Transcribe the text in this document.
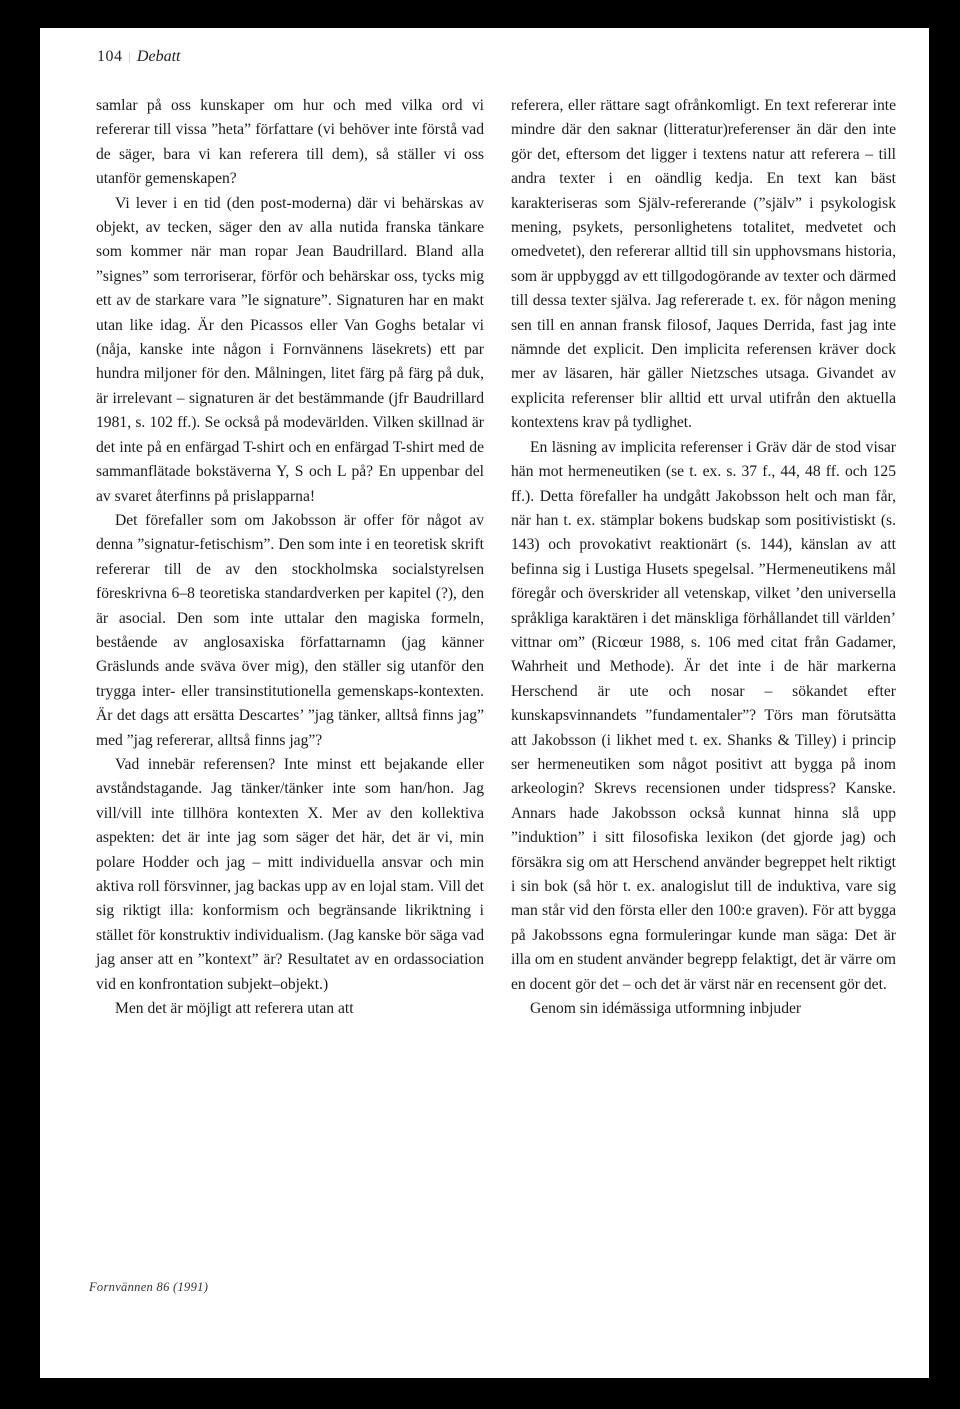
104 | Debatt

samlar på oss kunskaper om hur och med vilka ord vi refererar till vissa ”heta” författare (vi behöver inte förstå vad de säger, bara vi kan referera till dem), så ställer vi oss utanför gemenskapen?

Vi lever i en tid (den post-moderna) där vi behärskas av objekt, av tecken, säger den av alla nutida franska tänkare som kommer när man ropar Jean Baudrillard. Bland alla ”signes” som terroriserar, förför och behärskar oss, tycks mig ett av de starkare vara ”le signature”. Signaturen har en makt utan like idag. Är den Picassos eller Van Goghs betalar vi (nåja, kanske inte någon i Fornvännens läsekrets) ett par hundra miljoner för den. Målningen, litet färg på färg på duk, är irrelevant – signaturen är det bestämmande (jfr Baudrillard 1981, s. 102 ff.). Se också på modevärlden. Vilken skillnad är det inte på en enfärgad T-shirt och en enfärgad T-shirt med de sammanflätade bokstäverna Y, S och L på? En uppenbar del av svaret återfinns på prislapparna!

Det förefaller som om Jakobsson är offer för något av denna ”signatur-fetischism”. Den som inte i en teoretisk skrift refererar till de av den stockholmska socialstyrelsen föreskrivna 6–8 teoretiska standardverken per kapitel (?), den är asocial. Den som inte uttalar den magiska formeln, bestående av anglosaxiska författarnamn (jag känner Gräslunds ande sväva över mig), den ställer sig utanför den trygga inter- eller transinstitutionella gemenskaps-kontexten. Är det dags att ersätta Descartes’ ”jag tänker, alltså finns jag” med ”jag refererar, alltså finns jag”?

Vad innebär referensen? Inte minst ett bejakande eller avståndstagande. Jag tänker/tänker inte som han/hon. Jag vill/vill inte tillhöra kontexten X. Mer av den kollektiva aspekten: det är inte jag som säger det här, det är vi, min polare Hodder och jag – mitt individuella ansvar och min aktiva roll försvinner, jag backas upp av en lojal stam. Vill det sig riktigt illa: konformism och begränsande likriktning i stället för konstruktiv individualism. (Jag kanske bör säga vad jag anser att en ”kontext” är? Resultatet av en ordassociation vid en konfrontation subjekt–objekt.)

Men det är möjligt att referera utan att

referera, eller rättare sagt ofrånkomligt. En text refererar inte mindre där den saknar (litteratur)referenser än där den inte gör det, eftersom det ligger i textens natur att referera – till andra texter i en oändlig kedja. En text kan bäst karakteriseras som Själv-refererande (”själv” i psykologisk mening, psykets, personlighetens totalitet, medvetet och omedvetet), den refererar alltid till sin upphovsmans historia, som är uppbyggd av ett tillgodogörande av texter och därmed till dessa texter själva. Jag refererade t. ex. för någon mening sen till en annan fransk filosof, Jaques Derrida, fast jag inte nämnde det explicit. Den implicita referensen kräver dock mer av läsaren, här gäller Nietzsches utsaga. Givandet av explicita referenser blir alltid ett urval utifrån den aktuella kontextens krav på tydlighet.

En läsning av implicita referenser i Gräv där de stod visar hän mot hermeneutiken (se t. ex. s. 37 f., 44, 48 ff. och 125 ff.). Detta förefaller ha undgått Jakobsson helt och man får, när han t. ex. stämplar bokens budskap som positivistiskt (s. 143) och provokativt reaktionärt (s. 144), känslan av att befinna sig i Lustiga Husets spegelsal. ”Hermeneutikens mål föregår och överskrider all vetenskap, vilket ’den universella språkliga karaktären i det mänskliga förhållandet till världen’ vittnar om” (Ricœur 1988, s. 106 med citat från Gadamer, Wahrheit und Methode). Är det inte i de här markerna Herschend är ute och nosar – sökandet efter kunskapsvinnandets ”fundamentaler”? Törs man förutsätta att Jakobsson (i likhet med t. ex. Shanks & Tilley) i princip ser hermeneutiken som något positivt att bygga på inom arkeologin? Skrevs recensionen under tidspress? Kanske. Annars hade Jakobsson också kunnat hinna slå upp ”induktion” i sitt filosofiska lexikon (det gjorde jag) och försäkra sig om att Herschend använder begreppet helt riktigt i sin bok (så hör t. ex. analogislut till de induktiva, vare sig man står vid den första eller den 100:e graven). För att bygga på Jakobssons egna formuleringar kunde man säga: Det är illa om en student använder begrepp felaktigt, det är värre om en docent gör det – och det är värst när en recensent gör det.

Genom sin idémässiga utformning inbjuder

Fornvännen 86 (1991)
